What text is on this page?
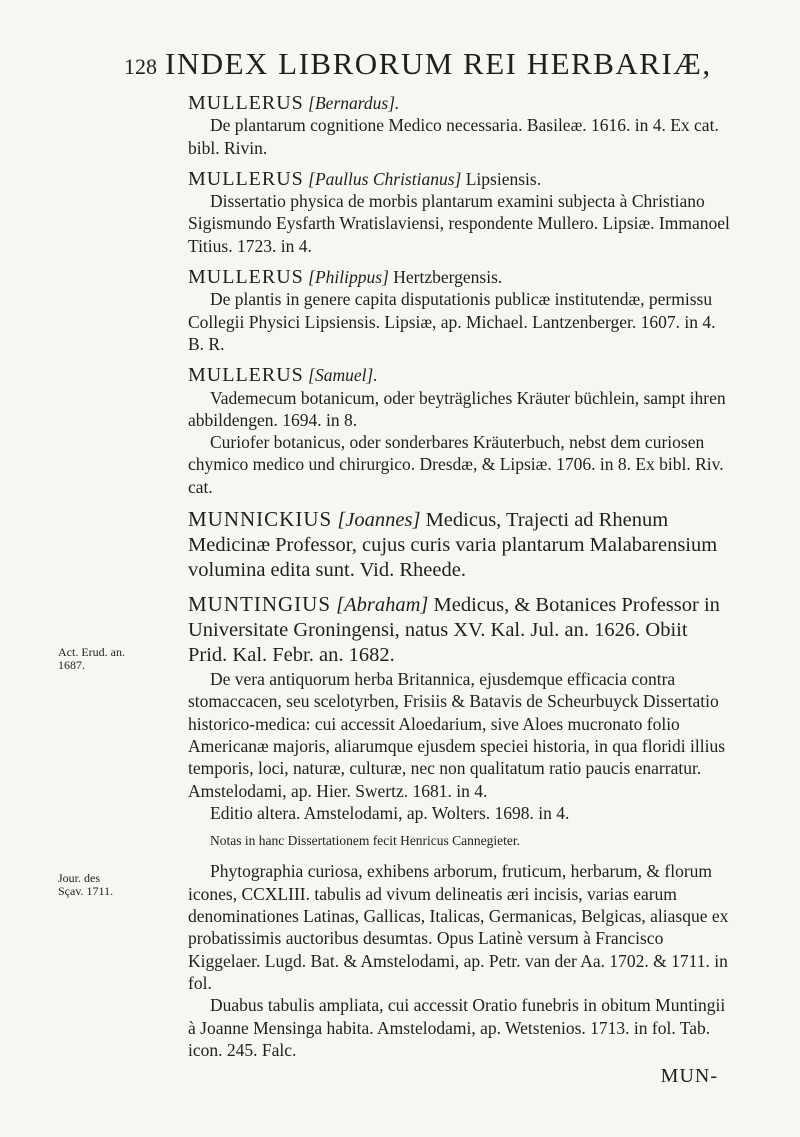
128 INDEX LIBRORUM REI HERBARIÆ,
Act. Erud. an. 1687.
Jour. des Sçav. 1711.
MULLERUS [Bernardus].
De plantarum cognitione Medico necessaria. Basileæ. 1616. in 4. Ex cat. bibl. Rivin.
MULLERUS [Paullus Christianus] Lipsiensis.
Dissertatio physica de morbis plantarum examini subjecta à Christiano Sigismundo Eysfarth Wratislaviensi, respondente Mullero. Lipsiæ. Immanoel Titius. 1723. in 4.
MULLERUS [Philippus] Hertzbergensis.
De plantis in genere capita disputationis publicæ institutendæ, permissu Collegii Physici Lipsiensis. Lipsiæ, ap. Michael. Lantzenberger. 1607. in 4. B. R.
MULLERUS [Samuel].
Vademecum botanicum, oder beyträgliches Kräuter büchlein, sampt ihren abbildengen. 1694. in 8.
Curiofer botanicus, oder sonderbares Kräuterbuch, nebst dem curiosen chymico medico und chirurgico. Dresdæ, & Lipsiæ. 1706. in 8. Ex bibl. Riv. cat.
MUNNICKIUS [Joannes] Medicus, Trajecti ad Rhenum Medicinæ Professor, cujus curis varia plantarum Malabarensium volumina edita sunt. Vid. Rheede.
MUNTINGIUS [Abraham] Medicus, & Botanices Professor in Universitate Groningensi, natus XV. Kal. Jul. an. 1626. Obiit Prid. Kal. Febr. an. 1682.
De vera antiquorum herba Britannica, ejusdemque efficacia contra stomaccacen, seu scelotyrben, Frisiis & Batavis de Scheurbuyck Dissertatio historico-medica: cui accessit Aloedarium, sive Aloes mucronato folio Americanæ majoris, aliarumque ejusdem speciei historia, in qua floridi illius temporis, loci, naturæ, culturæ, nec non qualitatum ratio paucis enarratur. Amstelodami, ap. Hier. Swertz. 1681. in 4.
Editio altera. Amstelodami, ap. Wolters. 1698. in 4.
Notas in hanc Dissertationem fecit Henricus Cannegieter.
Phytographia curiosa, exhibens arborum, fruticum, herbarum, & florum icones, CCXLIII. tabulis ad vivum delineatis æri incisis, varias earum denominationes Latinas, Gallicas, Italicas, Germanicas, Belgicas, aliasque ex probatissimis auctoribus desumtas. Opus Latinè versum à Francisco Kiggelaer. Lugd. Bat. & Amstelodami, ap. Petr. van der Aa. 1702. & 1711. in fol.
Duabus tabulis ampliata, cui accessit Oratio funebris in obitum Muntingii à Joanne Mensinga habita. Amstelodami, ap. Wetstenios. 1713. in fol. Tab. icon. 245. Falc.
MUN-
